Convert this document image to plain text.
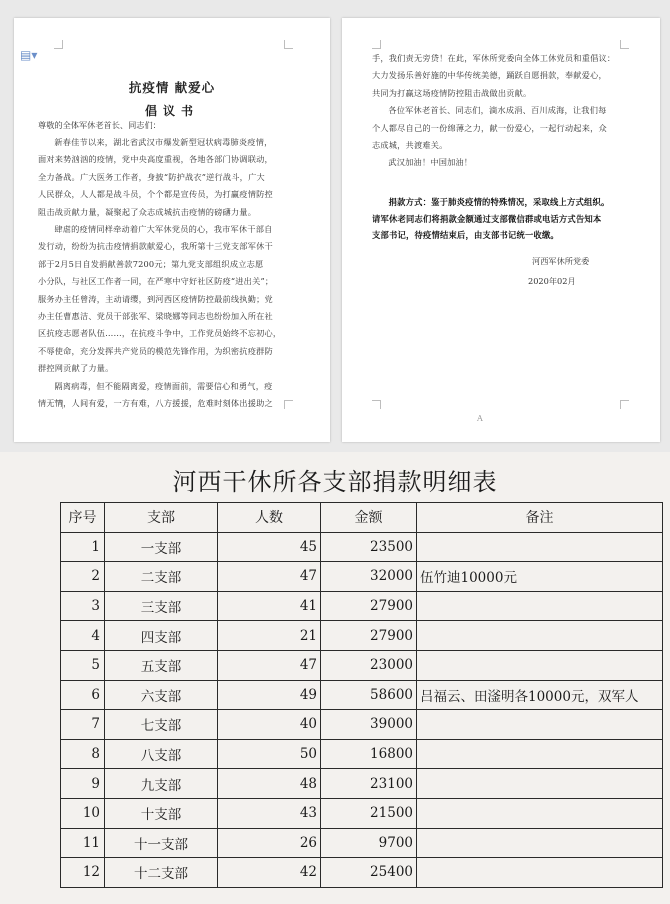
抗疫情 献爱心
倡议书
尊敬的全体军休老首长、同志们：
新春佳节以来，湖北省武汉市爆发新型冠状病毒肺炎疫情，
面对来势汹汹的疫情，党中央高度重视，各地各部门协调联动，
全力备战。广大医务工作者，身披“防护战衣”逆行战斗，广大
人民群众，人人都是战斗员，个个都是宣传员，为打赢疫情防控
阻击战贡献力量，凝聚起了众志成城抗击疫情的磅礴力量。
肆虐的疫情同样牵动着广大军休党员的心，我市军休干部自
发行动，纷纷为抗击疫情捐款献爱心，我所第十三党支部军休干
部于2月5日自发捐献善款7200元；第九党支部组织成立志愿
小分队，与社区工作者一同，在严寒中守好社区防疫“进出关”；
服务办主任曾涛，主动请缨，到河西区疫情防控最前线执勤；党
办主任曹惠洁、党员干部张军、梁晓娜等同志也纷纷加入所在社
区抗疫志愿者队伍……，在抗疫斗争中，工作党员始终不忘初心，
不辱使命，充分发挥共产党员的模范先锋作用，为织密抗疫群防
群控网贡献了力量。
隔离病毒，但不能隔离爱，疫情面前，需要信心和勇气，疫
情无情，人间有爱，一方有难，八方援援，危难时刻体出援助之
▤▾	手，我们责无旁贷！在此，军休所党委向全体工休党员和重倡议：
大力发扬乐善好施的中华传统美德，踊跃自愿捐款，奉献爱心，
共同为打赢这场疫情防控阻击战做出贡献。
各位军休老首长、同志们，滴水成涓、百川成海，让我们每
个人都尽自己的一份绵薄之力，献一份爱心，一起行动起来，众
志成城，共渡难关。
武汉加油！中国加油！
捐款方式：鉴于肺炎疫情的特殊情况，采取线上方式组织。
请军休老同志们将捐款金额通过支部微信群或电话方式告知本
支部书记，待疫情结束后，由支部书记统一收缴。
河西军休所党委
2020年02月
A
河西干休所各支部捐款明细表
序号	支部	人数	金额	备注
1	一支部	45	23500	
2	二支部	47	32000	伍竹迪10000元
3	三支部	41	27900	
4	四支部	21	27900	
5	五支部	47	23000	
6	六支部	49	58600	吕福云、田滏明各10000元，双军人
7	七支部	40	39000	
8	八支部	50	16800	
9	九支部	48	23100	
10	十支部	43	21500	
11	十一支部	26	9700	
12	十二支部	42	25400	
